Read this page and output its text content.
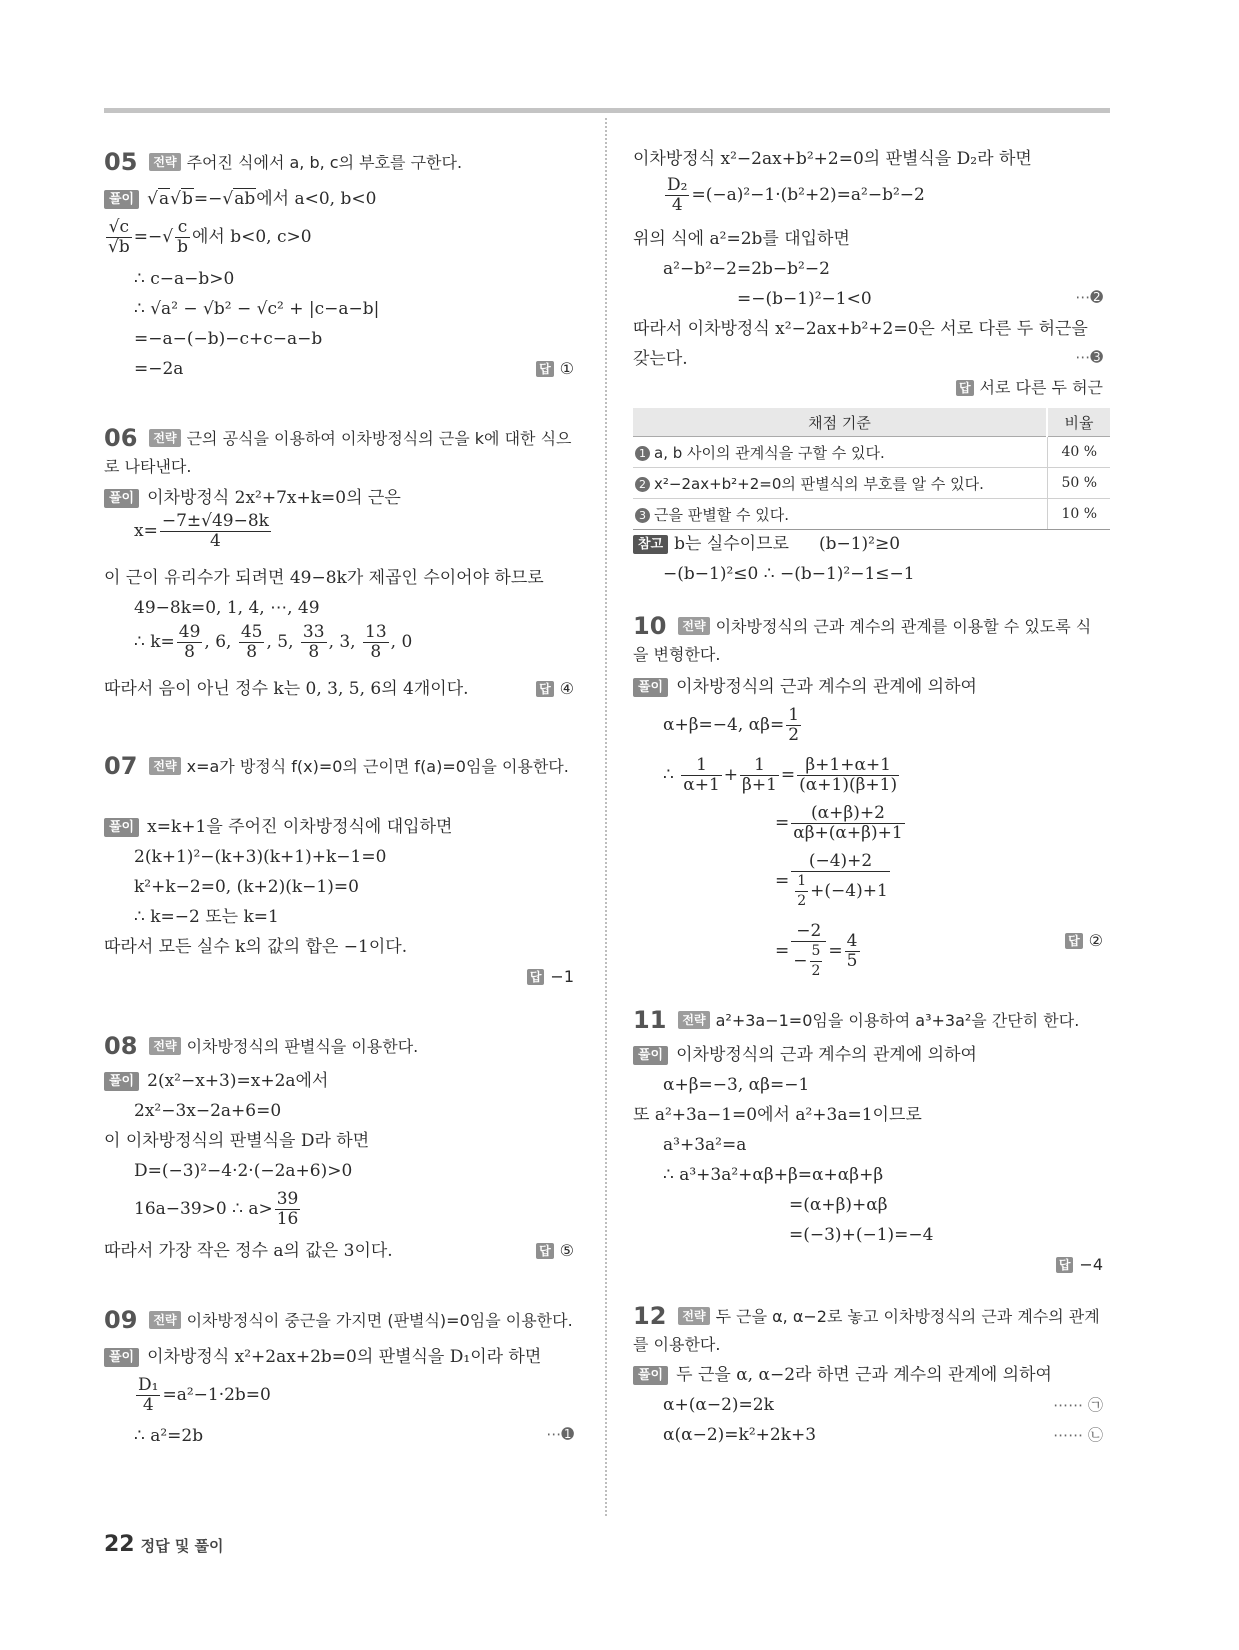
05 전략 주어진 식에서 a, b, c의 부호를 구한다.
풀이 √a√b=−√ab에서 a<0, b<0
$\frac{√c}{√b}$ =−√ $\frac{c}{b}$ 에서 b<0, c>0
∴ c−a−b>0
∴ √a² − √b² − √c² + |c−a−b|
=−a−(−b)−c+c−a−b
=−2a	답 ①
06 전략 근의 공식을 이용하여 이차방정식의 근을 k에 대한 식으로 나타낸다.
풀이 이차방정식 2x²+7x+k=0의 근은
$x= \frac{-7\pm√49-8k}{4}$
이 근이 유리수가 되려면 49−8k가 제곱인 수이어야 하므로
49−8k=0, 1, 4, ⋯, 49
∴ $k= \frac{49}{8}$ , 6, $\frac{45}{8}$ , 5, $\frac{33}{8}$ , 3, $\frac{13}{8}$ , 0
따라서 음이 아닌 정수 k는 0, 3, 5, 6의 4개이다.	답 ④
07 전략 x=a가 방정식 f(x)=0의 근이면 f(a)=0임을 이용한다.
풀이 x=k+1을 주어진 이차방정식에 대입하면
2(k+1)²−(k+3)(k+1)+k−1=0
k²+k−2=0, (k+2)(k−1)=0
∴ k=−2 또는 k=1
따라서 모든 실수 k의 값의 합은 −1이다.
답 −1
08 전략 이차방정식의 판별식을 이용한다.
풀이 2(x²−x+3)=x+2a에서
2x²−3x−2a+6=0
이 이차방정식의 판별식을 D라 하면
D=(−3)²−4·2·(−2a+6)>0
16a−39>0 ∴ $a> \frac{39}{16}$
따라서 가장 작은 정수 a의 값은 3이다.	답 ⑤
09 전략 이차방정식이 중근을 가지면 (판별식)=0임을 이용한다.
풀이 이차방정식 x²+2ax+2b=0의 판별식을 D₁이라 하면
$\frac{\text{D₁}}{4} =a^2-1\cdot 2b=0$
∴ a²=2b	⋯➊
이차방정식 x²−2ax+b²+2=0의 판별식을 D₂라 하면
$\frac{\text{D₂}}{4} =(-a)^2-1\cdot(b^2+2)=a^2-b^2-2$
위의 식에 a²=2b를 대입하면
a²−b²−2=2b−b²−2
=−(b−1)²−1<0	⋯➋
따라서 이차방정식 x²−2ax+b²+2=0은 서로 다른 두 허근을
갖는다.	⋯➌
답 서로 다른 두 허근
참고 b는 실수이므로 (b−1)²≥0
−(b−1)²≤0 ∴ −(b−1)²−1≤−1
10 전략 이차방정식의 근과 계수의 관계를 이용할 수 있도록 식을 변형한다.
풀이 이차방정식의 근과 계수의 관계에 의하여
α+β=−4, $\alpha\beta= \frac{1}{2}$
∴ $\frac{1}{\alpha+1} + \frac{1}{\beta+1} = \frac{\beta+1+\alpha+1}{(\alpha+1)(\beta+1)}$
= $\frac{(\alpha+\beta)+2}{\alpha\beta+(\alpha+\beta)+1}$
= $\frac{(-4)+2}{\frac{1}{2} +(-4)+1}$
= $\frac{-2}{- \frac{5}{2}} = \frac{4}{5}$	답 ②
11 전략 a²+3a−1=0임을 이용하여 a³+3a²을 간단히 한다.
풀이 이차방정식의 근과 계수의 관계에 의하여
α+β=−3, αβ=−1
또 a²+3a−1=0에서 a²+3a=1이므로
a³+3a²=a
∴ a³+3a²+αβ+β=α+αβ+β
=(α+β)+αβ
=(−3)+(−1)=−4
답 −4
12 전략 두 근을 α, α−2로 놓고 이차방정식의 근과 계수의 관계를 이용한다.
풀이 두 근을 α, α−2라 하면 근과 계수의 관계에 의하여
α+(α−2)=2k	⋯⋯ ㉠
α(α−2)=k²+2k+3	⋯⋯ ㉡
채점 기준	비율
1 a, b 사이의 관계식을 구할 수 있다.	40 %
2 x²−2ax+b²+2=0의 판별식의 부호를 알 수 있다.	50 %
3 근을 판별할 수 있다.	10 %
22 정답 및 풀이
